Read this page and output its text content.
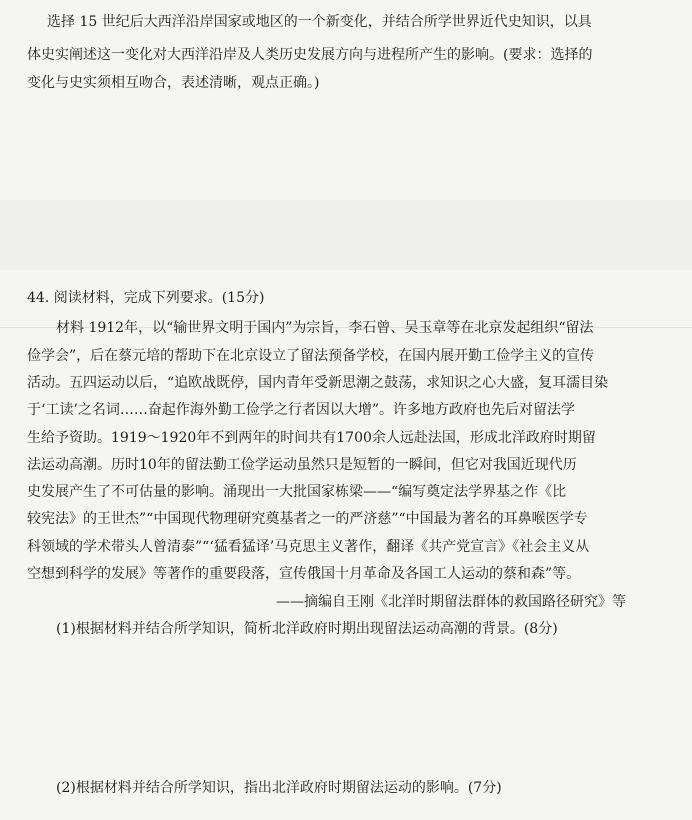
选择 15 世纪后大西洋沿岸国家或地区的一个新变化，并结合所学世界近代史知识，以具
体史实阐述这一变化对大西洋沿岸及人类历史发展方向与进程所产生的影响。(要求：选择的
变化与史实须相互吻合，表述清晰，观点正确。)
44. 阅读材料，完成下列要求。(15分)
材料 1912年，以“输世界文明于国内”为宗旨，李石曾、吴玉章等在北京发起组织“留法
俭学会”，后在蔡元培的帮助下在北京设立了留法预备学校，在国内展开勤工俭学主义的宣传
活动。五四运动以后，“追欧战既停，国内青年受新思潮之鼓荡，求知识之心大盛，复耳濡目染
于‘工读’之名词……奋起作海外勤工俭学之行者因以大增”。许多地方政府也先后对留法学
生给予资助。1919～1920年不到两年的时间共有1700余人远赴法国，形成北洋政府时期留
法运动高潮。历时10年的留法勤工俭学运动虽然只是短暂的一瞬间，但它对我国近现代历
史发展产生了不可估量的影响。涌现出一大批国家栋梁——“编写奠定法学界基之作《比
较宪法》的王世杰”“中国现代物理研究奠基者之一的严济慈”“中国最为著名的耳鼻喉医学专
科领域的学术带头人曾清泰”“‘猛看猛译’马克思主义著作，翻译《共产党宣言》《社会主义从
空想到科学的发展》等著作的重要段落，宣传俄国十月革命及各国工人运动的蔡和森”等。
——摘编自王刚《北洋时期留法群体的救国路径研究》等
(1)根据材料并结合所学知识，简析北洋政府时期出现留法运动高潮的背景。(8分)
(2)根据材料并结合所学知识，指出北洋政府时期留法运动的影响。(7分)
